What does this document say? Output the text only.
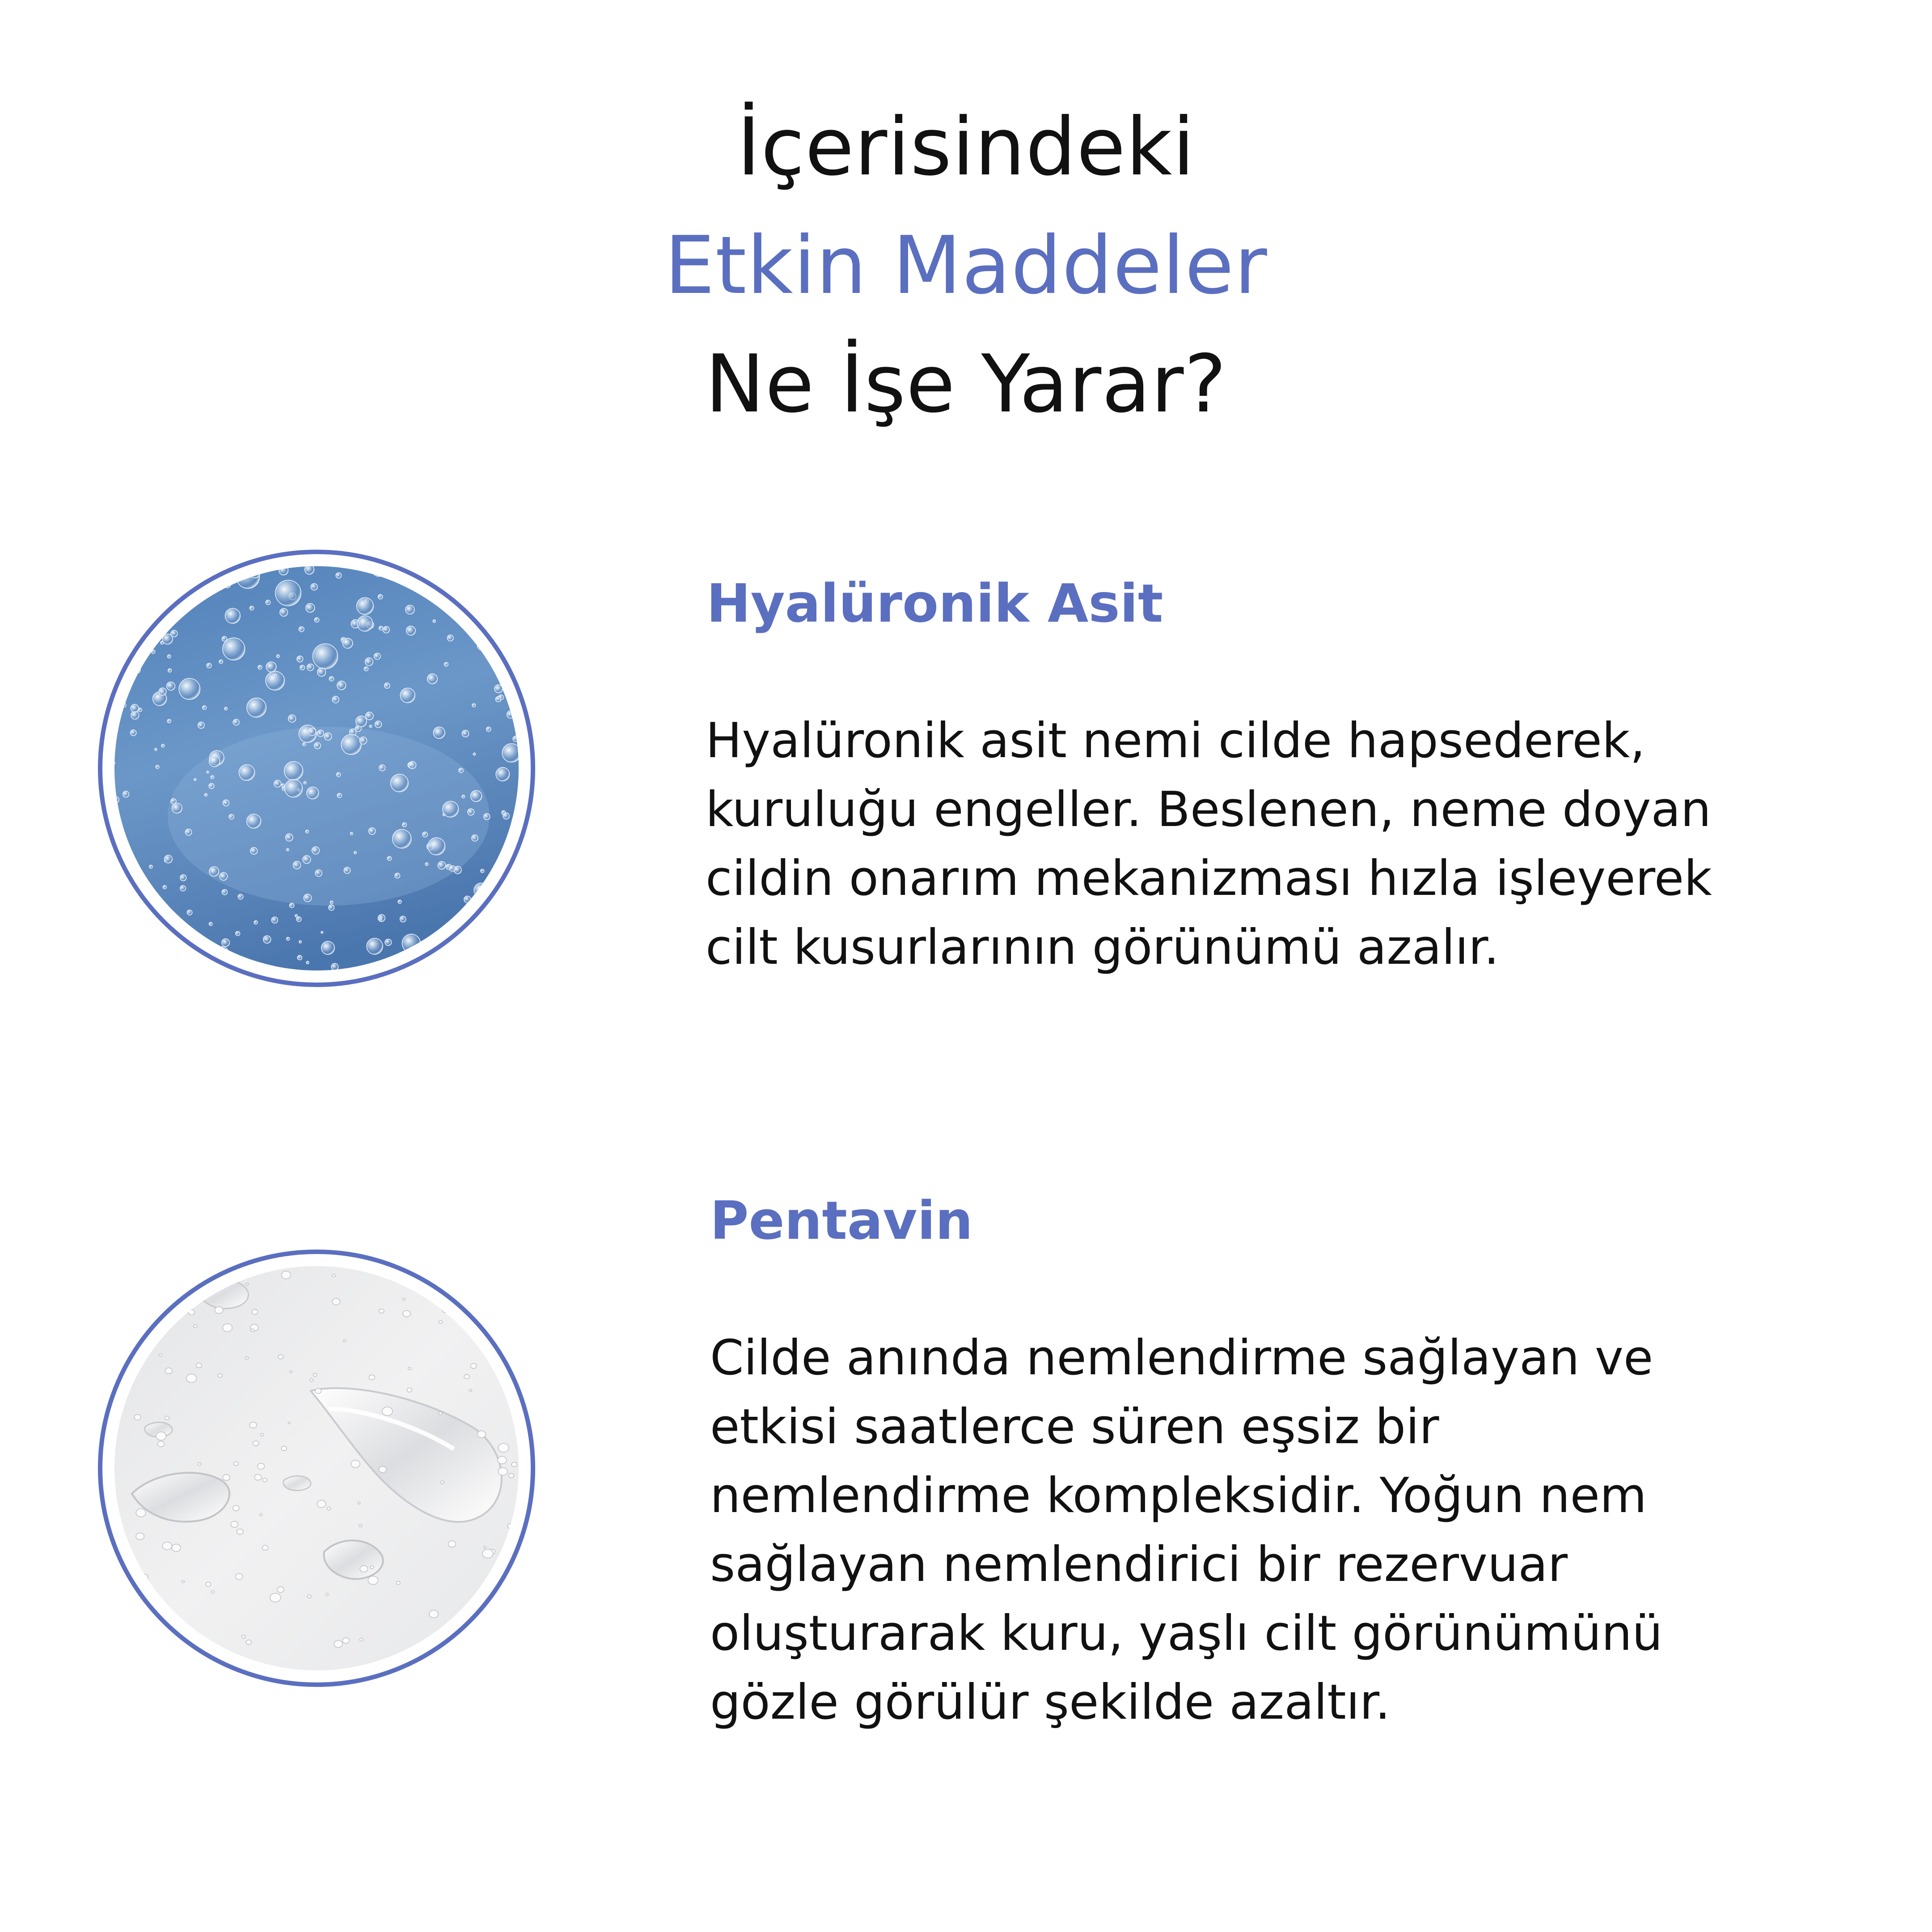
İçerisindeki
Etkin Maddeler
Ne İşe Yarar?
Hyalüronik Asit
Hyalüronik asit nemi cilde hapsederek,
kuruluğu engeller. Beslenen, neme doyan
cildin onarım mekanizması hızla işleyerek
cilt kusurlarının görünümü azalır.
Pentavin
Cilde anında nemlendirme sağlayan ve
etkisi saatlerce süren eşsiz bir
nemlendirme kompleksidir. Yoğun nem
sağlayan nemlendirici bir rezervuar
oluşturarak kuru, yaşlı cilt görünümünü
gözle görülür şekilde azaltır.
